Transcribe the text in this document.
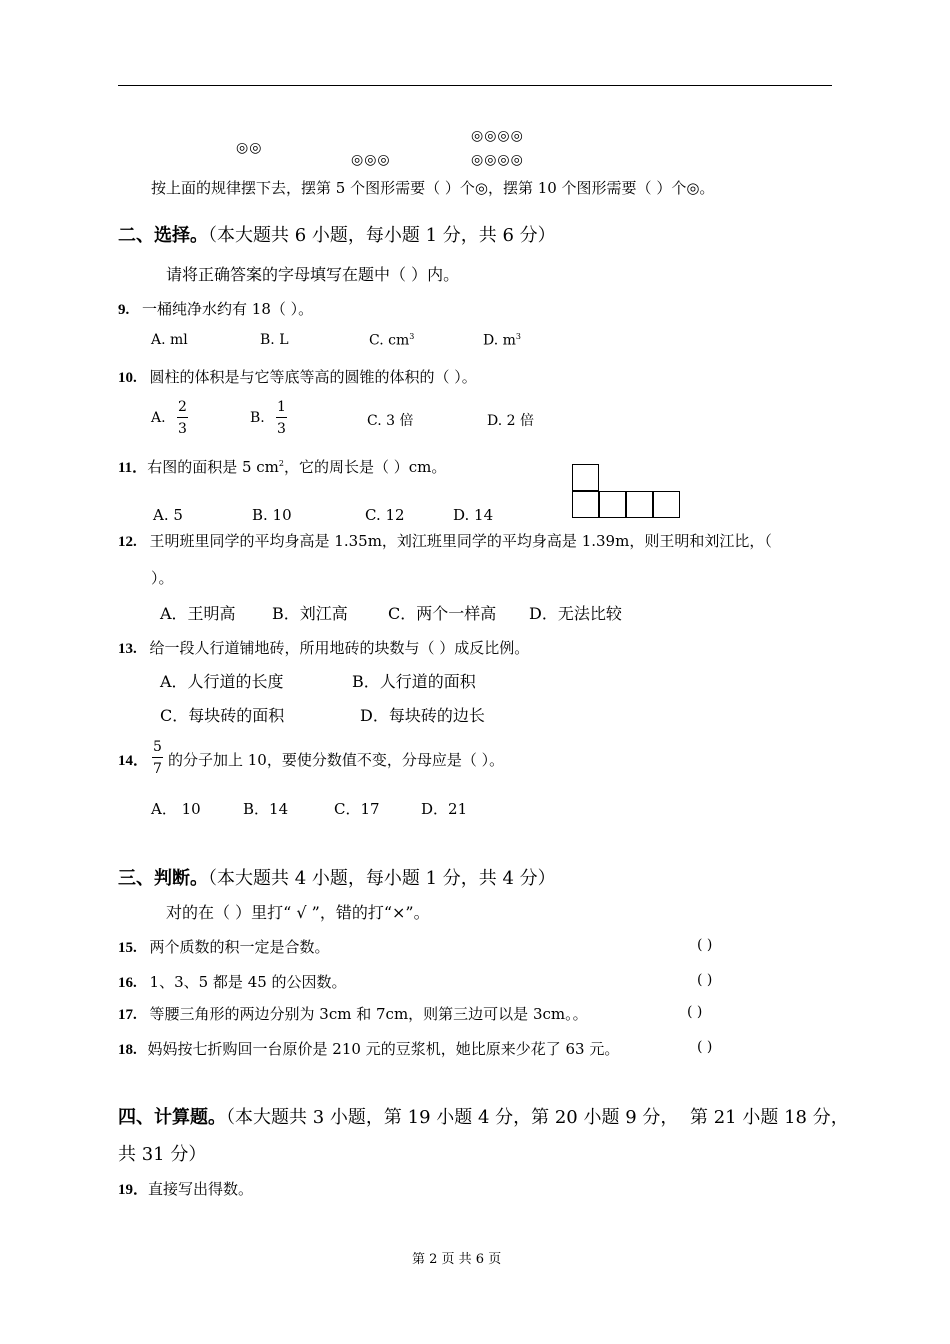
◎◎
◎◎◎
◎◎◎◎
◎◎◎◎
按上面的规律摆下去，摆第 5 个图形需要（ ）个◎，摆第 10 个图形需要（ ）个◎。
二、选择。（本大题共 6 小题，每小题 1 分，共 6 分）
请将正确答案的字母填写在题中（ ）内。
9. 一桶纯净水约有 18（ ）。
A. ml	B. L	C. $cm^3$	D. $m^3$
10. 圆柱的体积是与它等底等高的圆锥的体积的（ ）。
A. $\frac{2}{3}$	B. $\frac{1}{3}$	C. 3 倍	D. 2 倍
11．右图的面积是 5 $cm^2$，它的周长是（ ）cm。
A. 5	B. 10	C. 12	D. 14
12. 王明班里同学的平均身高是 1.35m，刘江班里同学的平均身高是 1.39m，则王明和刘江比，（
）。
A．王明高 B．刘江高	C．两个一样高 D．无法比较
13. 给一段人行道铺地砖，所用地砖的块数与（ ）成反比例。
A．人行道的长度	B．人行道的面积
C．每块砖的面积	D．每块砖的边长
14． $\frac{5}{7}$ 的分子加上 10，要使分数值不变，分母应是（ ）。
A． 10	B．14	C．17	D．21
三、判断。（本大题共 4 小题，每小题 1 分，共 4 分）
对的在（ ）里打“ √ ”，错的打“×”。
15. 两个质数的积一定是合数。	( )
16. 1、3、5 都是 45 的公因数。	( )
17. 等腰三角形的两边分别为 3cm 和 7cm，则第三边可以是 3cm。。	( )
18. 妈妈按七折购回一台原价是 210 元的豆浆机，她比原来少花了 63 元。	( )
四、计算题。（本大题共 3 小题，第 19 小题 4 分，第 20 小题 9 分， 第 21 小题 18 分，
共 31 分）
19．直接写出得数。
第 2 页 共 6 页
